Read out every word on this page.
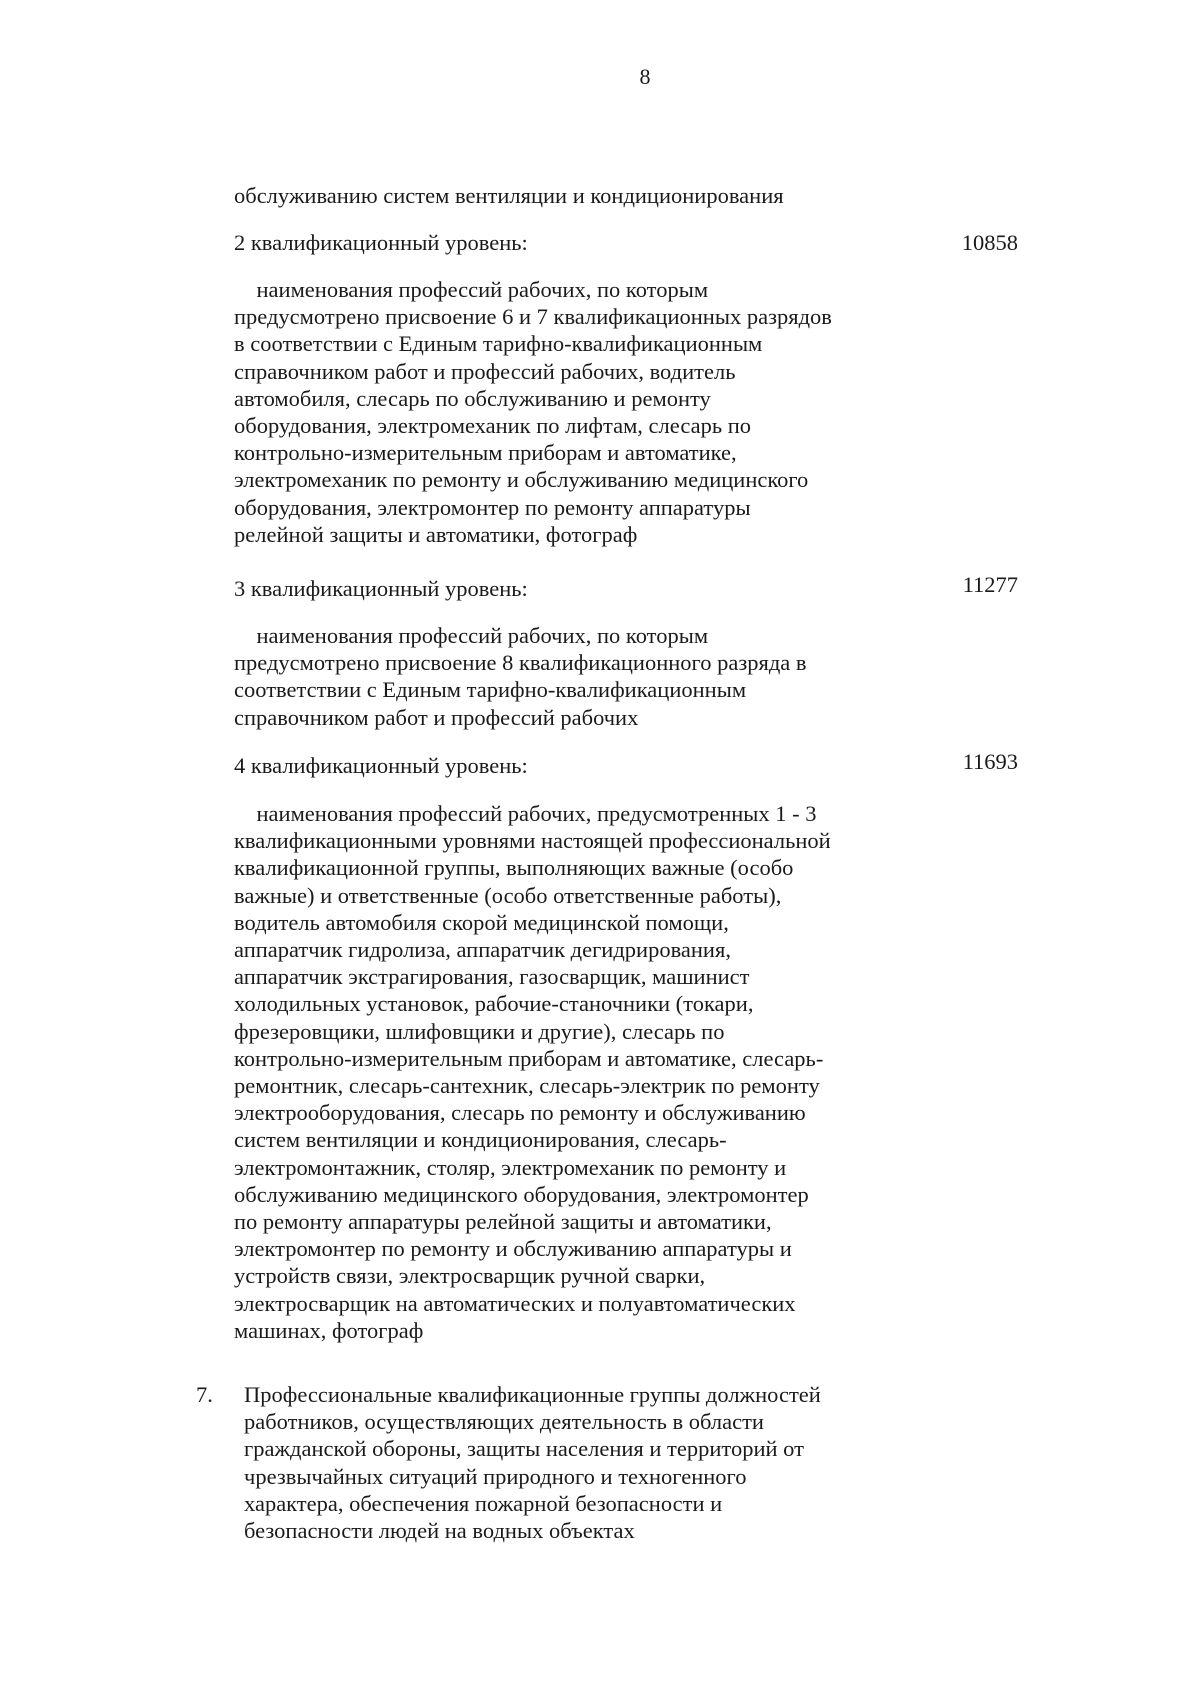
8
обслуживанию систем вентиляции и кондиционирования
2 квалификационный уровень:	10858
наименования профессий рабочих, по которым
предусмотрено присвоение 6 и 7 квалификационных разрядов
в соответствии с Единым тарифно-квалификационным
справочником работ и профессий рабочих, водитель
автомобиля, слесарь по обслуживанию и ремонту
оборудования, электромеханик по лифтам, слесарь по
контрольно-измерительным приборам и автоматике,
электромеханик по ремонту и обслуживанию медицинского
оборудования, электромонтер по ремонту аппаратуры
релейной защиты и автоматики, фотограф
3 квалификационный уровень:	11277
наименования профессий рабочих, по которым
предусмотрено присвоение 8 квалификационного разряда в
соответствии с Единым тарифно-квалификационным
справочником работ и профессий рабочих
4 квалификационный уровень:	11693
наименования профессий рабочих, предусмотренных 1 - 3
квалификационными уровнями настоящей профессиональной
квалификационной группы, выполняющих важные (особо
важные) и ответственные (особо ответственные работы),
водитель автомобиля скорой медицинской помощи,
аппаратчик гидролиза, аппаратчик дегидрирования,
аппаратчик экстрагирования, газосварщик, машинист
холодильных установок, рабочие-станочники (токари,
фрезеровщики, шлифовщики и другие), слесарь по
контрольно-измерительным приборам и автоматике, слесарь-
ремонтник, слесарь-сантехник, слесарь-электрик по ремонту
электрооборудования, слесарь по ремонту и обслуживанию
систем вентиляции и кондиционирования, слесарь-
электромонтажник, столяр, электромеханик по ремонту и
обслуживанию медицинского оборудования, электромонтер
по ремонту аппаратуры релейной защиты и автоматики,
электромонтер по ремонту и обслуживанию аппаратуры и
устройств связи, электросварщик ручной сварки,
электросварщик на автоматических и полуавтоматических
машинах, фотограф
7. Профессиональные квалификационные группы должностей
работников, осуществляющих деятельность в области
гражданской обороны, защиты населения и территорий от
чрезвычайных ситуаций природного и техногенного
характера, обеспечения пожарной безопасности и
безопасности людей на водных объектах
